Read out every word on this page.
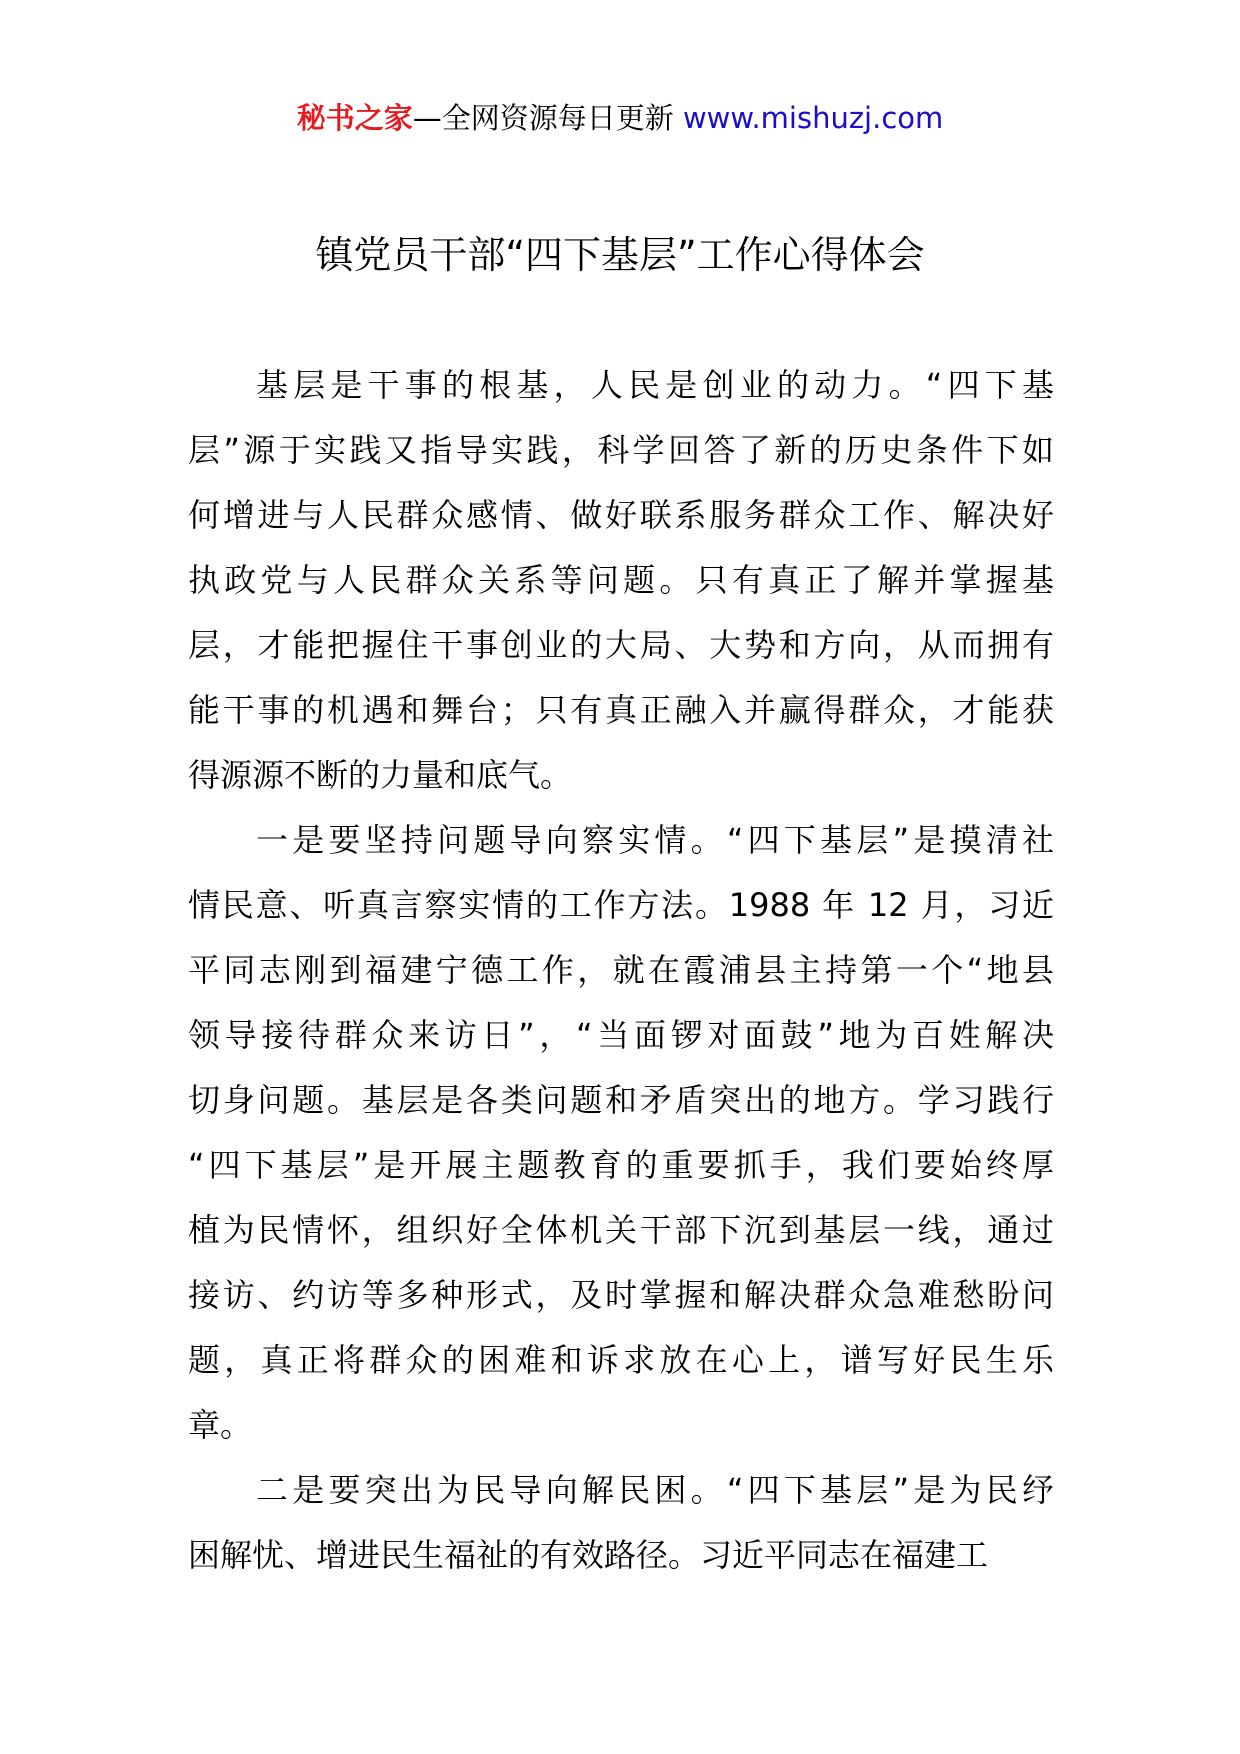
秘书之家—全网资源每日更新 www.mishuzj.com
镇党员干部“四下基层”工作心得体会
基层是干事的根基，人民是创业的动力。“四下基
层”源于实践又指导实践，科学回答了新的历史条件下如
何增进与人民群众感情、做好联系服务群众工作、解决好
执政党与人民群众关系等问题。只有真正了解并掌握基
层，才能把握住干事创业的大局、大势和方向，从而拥有
能干事的机遇和舞台；只有真正融入并赢得群众，才能获
得源源不断的力量和底气。
一是要坚持问题导向察实情。“四下基层”是摸清社
情民意、听真言察实情的工作方法。1988 年 12 月，习近
平同志刚到福建宁德工作，就在霞浦县主持第一个“地县
领导接待群众来访日”，“当面锣对面鼓”地为百姓解决
切身问题。基层是各类问题和矛盾突出的地方。学习践行
“四下基层”是开展主题教育的重要抓手，我们要始终厚
植为民情怀，组织好全体机关干部下沉到基层一线，通过
接访、约访等多种形式，及时掌握和解决群众急难愁盼问
题，真正将群众的困难和诉求放在心上，谱写好民生乐
章。
二是要突出为民导向解民困。“四下基层”是为民纾
困解忧、增进民生福祉的有效路径。习近平同志在福建工
